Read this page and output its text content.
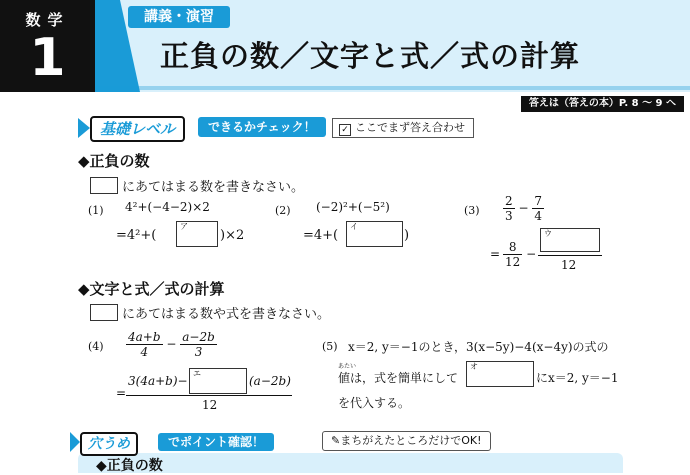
数学
1
講義・演習
正負の数／文字と式／式の計算
答えは（答えの本）P. 8 〜 9 へ
基礎レベル	できるかチェック！	✓ ここでまず答え合わせ
◆正負の数
にあてはまる数を書きなさい。
(1) 4²+(−4−2)×2
=4²+(
ア
)×2
(2) (−2)²+(−5²)
=4+(
イ
)
$(3) \frac{2}{3} - \frac{7}{4}$
= $\frac{8}{12}$ −
ウ
12
◆文字と式／式の計算
にあてはまる数や式を書きなさい。
$(4) \frac{4a+b}{4} - \frac{a-2b}{3}$
=
3(4a+b)−
エ
(a−2b)
12
(5) x＝2, y＝−1のとき，3(x−5y)−4(x−4y)の式の
あたい
値は，式を簡単にして
オ
にx＝2, y＝−1
を代入する。
穴うめ	でポイント確認！	✎まちがえたところだけでOK!
◆正負の数
